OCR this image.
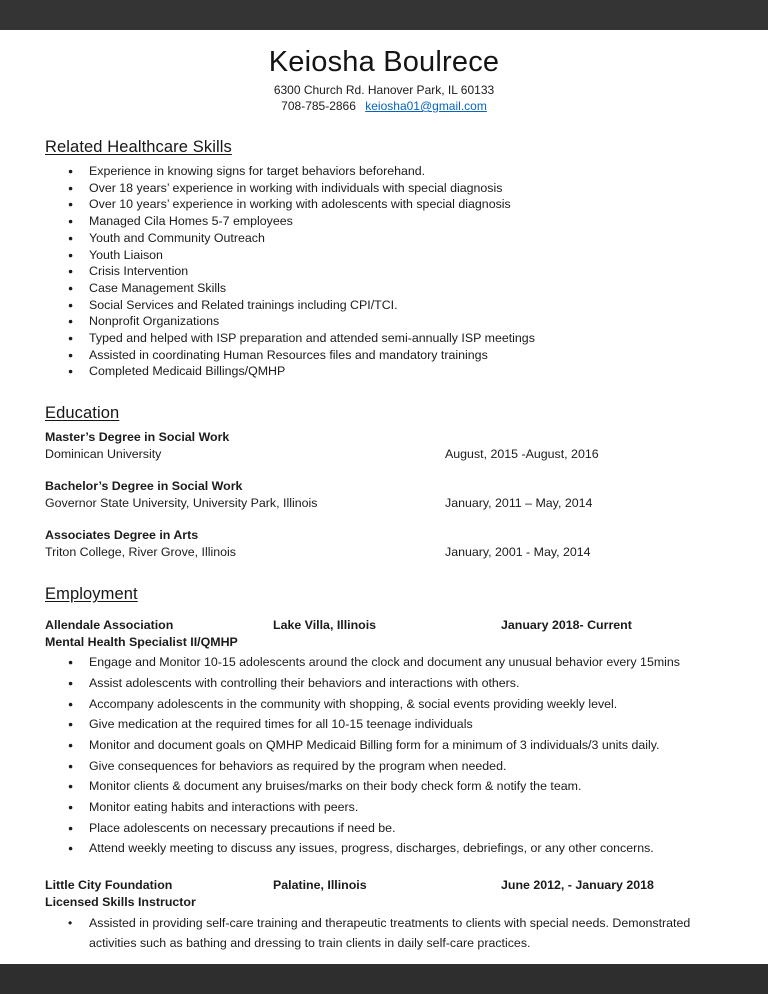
Keiosha Boulrece
6300 Church Rd. Hanover Park, IL 60133
708-785-2866 keiosha01@gmail.com
Related Healthcare Skills
● Experience in knowing signs for target behaviors beforehand.
● Over 18 years’ experience in working with individuals with special diagnosis
● Over 10 years’ experience in working with adolescents with special diagnosis
● Managed Cila Homes 5-7 employees
● Youth and Community Outreach
● Youth Liaison
● Crisis Intervention
● Case Management Skills
● Social Services and Related trainings including CPI/TCI.
● Nonprofit Organizations
● Typed and helped with ISP preparation and attended semi-annually ISP meetings
● Assisted in coordinating Human Resources files and mandatory trainings
● Completed Medicaid Billings/QMHP
Education
Master’s Degree in Social Work
Dominican University	August, 2015 -August, 2016
Bachelor’s Degree in Social Work
Governor State University, University Park, Illinois	January, 2011 – May, 2014
Associates Degree in Arts
Triton College, River Grove, Illinois	January, 2001 - May, 2014
Employment
Allendale Association	Lake Villa, Illinois	January 2018- Current
Mental Health Specialist II/QMHP
● Engage and Monitor 10-15 adolescents around the clock and document any unusual behavior every 15mins
● Assist adolescents with controlling their behaviors and interactions with others.
● Accompany adolescents in the community with shopping, & social events providing weekly level.
● Give medication at the required times for all 10-15 teenage individuals
● Monitor and document goals on QMHP Medicaid Billing form for a minimum of 3 individuals/3 units daily.
● Give consequences for behaviors as required by the program when needed.
● Monitor clients & document any bruises/marks on their body check form & notify the team.
● Monitor eating habits and interactions with peers.
● Place adolescents on necessary precautions if need be.
● Attend weekly meeting to discuss any issues, progress, discharges, debriefings, or any other concerns.
Little City Foundation	Palatine, Illinois	June 2012, - January 2018
Licensed Skills Instructor
• Assisted in providing self-care training and therapeutic treatments to clients with special needs. Demonstrated activities such as bathing and dressing to train clients in daily self-care practices.
